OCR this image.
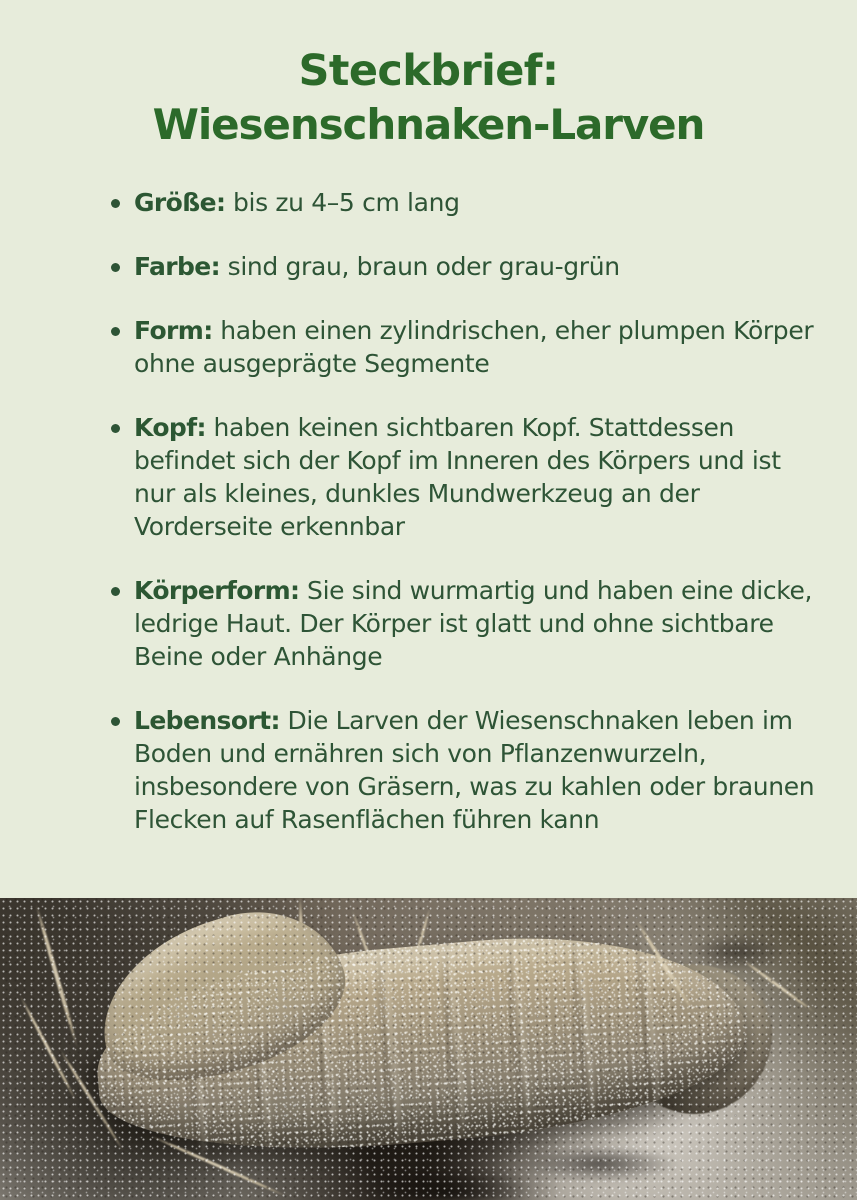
Steckbrief:
Wiesenschnaken-Larven
Größe: bis zu 4–5 cm lang
Farbe: sind grau, braun oder grau-grün
Form: haben einen zylindrischen, eher plumpen Körper ohne ausgeprägte Segmente
Kopf: haben keinen sichtbaren Kopf. Stattdessen befindet sich der Kopf im Inneren des Körpers und ist nur als kleines, dunkles Mundwerkzeug an der Vorderseite erkennbar
Körperform: Sie sind wurmartig und haben eine dicke, ledrige Haut. Der Körper ist glatt und ohne sichtbare Beine oder Anhänge
Lebensort: Die Larven der Wiesenschnaken leben im Boden und ernähren sich von Pflanzenwurzeln, insbesondere von Gräsern, was zu kahlen oder braunen Flecken auf Rasenflächen führen kann
